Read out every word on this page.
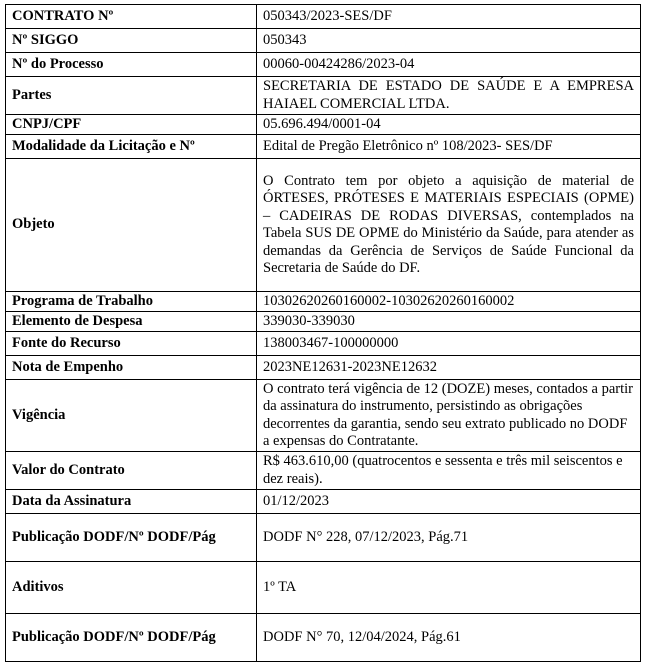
CONTRATO Nº	050343/2023-SES/DF
Nº SIGGO	050343
Nº do Processo	00060-00424286/2023-04
Partes	SECRETARIA DE ESTADO DE SAÚDE E A EMPRESA HAIAEL COMERCIAL LTDA.
CNPJ/CPF	05.696.494/0001-04
Modalidade da Licitação e Nº	Edital de Pregão Eletrônico nº 108/2023- SES/DF
Objeto	O Contrato tem por objeto a aquisição de material de ÓRTESES, PRÓTESES E MATERIAIS ESPECIAIS (OPME) – CADEIRAS DE RODAS DIVERSAS, contemplados na Tabela SUS DE OPME do Ministério da Saúde, para atender as demandas da Gerência de Serviços de Saúde Funcional da Secretaria de Saúde do DF.
Programa de Trabalho	10302620260160002-10302620260160002
Elemento de Despesa	339030-339030
Fonte do Recurso	138003467-100000000
Nota de Empenho	2023NE12631-2023NE12632
Vigência	O contrato terá vigência de 12 (DOZE) meses, contados a partir da assinatura do instrumento, persistindo as obrigações decorrentes da garantia, sendo seu extrato publicado no DODF a expensas do Contratante.
Valor do Contrato	R$ 463.610,00 (quatrocentos e sessenta e três mil seiscentos e dez reais).
Data da Assinatura	01/12/2023
Publicação DODF/Nº DODF/Pág	DODF N° 228, 07/12/2023, Pág.71
Aditivos	1º TA
Publicação DODF/Nº DODF/Pág	DODF N° 70, 12/04/2024, Pág.61
